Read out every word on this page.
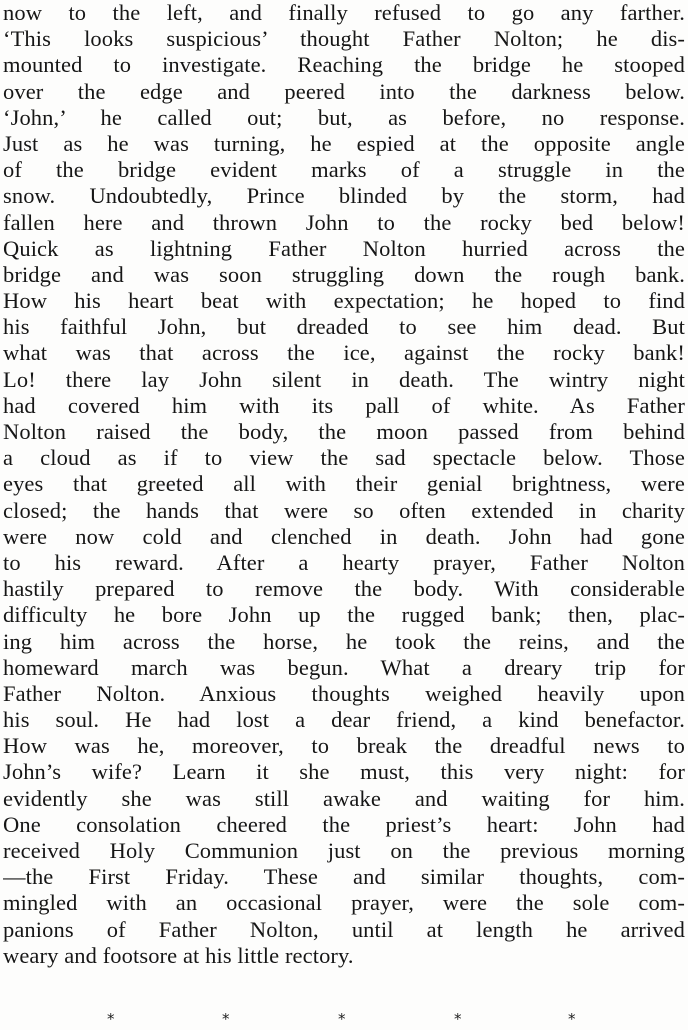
now to the left, and finally refused to go any farther.
‘This looks suspicious’ thought Father Nolton; he dis-
mounted to investigate. Reaching the bridge he stooped
over the edge and peered into the darkness below.
‘John,’ he called out; but, as before, no response.
Just as he was turning, he espied at the opposite angle
of the bridge evident marks of a struggle in the
snow. Undoubtedly, Prince blinded by the storm, had
fallen here and thrown John to the rocky bed below!
Quick as lightning Father Nolton hurried across the
bridge and was soon struggling down the rough bank.
How his heart beat with expectation; he hoped to find
his faithful John, but dreaded to see him dead. But
what was that across the ice, against the rocky bank!
Lo! there lay John silent in death. The wintry night
had covered him with its pall of white. As Father
Nolton raised the body, the moon passed from behind
a cloud as if to view the sad spectacle below. Those
eyes that greeted all with their genial brightness, were
closed; the hands that were so often extended in charity
were now cold and clenched in death. John had gone
to his reward. After a hearty prayer, Father Nolton
hastily prepared to remove the body. With considerable
difficulty he bore John up the rugged bank; then, plac-
ing him across the horse, he took the reins, and the
homeward march was begun. What a dreary trip for
Father Nolton. Anxious thoughts weighed heavily upon
his soul. He had lost a dear friend, a kind benefactor.
How was he, moreover, to break the dreadful news to
John’s wife? Learn it she must, this very night: for
evidently she was still awake and waiting for him.
One consolation cheered the priest’s heart: John had
received Holy Communion just on the previous morning
—the First Friday. These and similar thoughts, com-
mingled with an occasional prayer, were the sole com-
panions of Father Nolton, until at length he arrived
weary and footsore at his little rectory.
*	*	*	*	*
